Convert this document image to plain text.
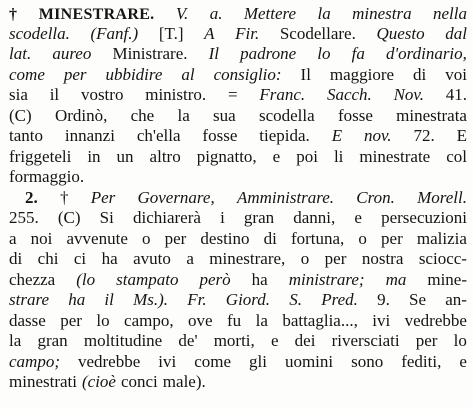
† MINESTRARE. V. a. Mettere la minestra nella
scodella. (Fanf.) [T.] A Fir. Scodellare. Questo dal
lat. aureo Ministrare. Il padrone lo fa d'ordinario,
come per ubbidire al consiglio: Il maggiore di voi
sia il vostro ministro. = Franc. Sacch. Nov. 41.
(C) Ordinò, che la sua scodella fosse minestrata
tanto innanzi ch'ella fosse tiepida. E nov. 72. E
friggeteli in un altro pignatto, e poi li minestrate col
formaggio.
2. † Per Governare, Amministrare. Cron. Morell.
255. (C) Si dichiarerà i gran danni, e persecuzioni
a noi avvenute o per destino di fortuna, o per malizia
di chi ci ha avuto a minestrare, o per nostra sciocc-
chezza (lo stampato però ha ministrare; ma mine-
strare ha il Ms.). Fr. Giord. S. Pred. 9. Se an-
dasse per lo campo, ove fu la battaglia..., ivi vedrebbe
la gran moltitudine de' morti, e dei riversciati per lo
campo; vedrebbe ivi come gli uomini sono fediti, e
minestrati (cioè conci male).
